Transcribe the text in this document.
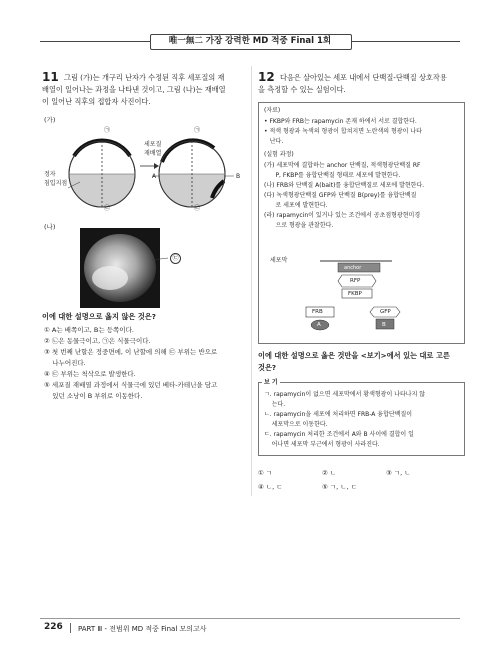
唯一無二 가장 강력한 MD 적중 Final 1회
11 그림 (가)는 개구리 난자가 수정된 직후 세포질의 재
배열이 일어나는 과정을 나타낸 것이고, 그림 (나)는 재배열
이 일어난 직후의 접합자 사진이다.
(가)
㉠
㉡
세포질
재배열
정자
침입지점
A	B
㉠
㉡
(나)
㉢
이에 대한 설명으로 옳지 않은 것은?
① A는 배쪽이고, B는 등쪽이다.
② ㉡은 동물극이고, ㉠은 식물극이다.
③ 첫 번째 난할은 정중면에, 이 난할에 의해 ㉢ 부위는 반으로
나누어진다.
④ ㉢ 부위는 척삭으로 발생한다.
⑤ 세포질 재배열 과정에서 식물극에 있던 베타-카테닌을 담고
있던 소낭이 B 부위로 이동한다.
12 다음은 살아있는 세포 내에서 단백질-단백질 상호작용
을 측정할 수 있는 실험이다.
(자료)
• FKBP와 FRB는 rapamycin 존재 하에서 서로 결합한다.
• 적색 형광과 녹색의 형광이 합쳐지면 노란색의 형광이 나타
난다.
(실험 과정)
(가) 세포막에 결합하는 anchor 단백질, 적색형광단백질 RF
P, FKBP를 융합단백질 형태로 세포에 발현한다.
(나) FRB와 단백질 A(bait)를 융합단백질로 세포에 발현한다.
(다) 녹색형광단백질 GFP와 단백질 B(prey)를 융합단백질
로 세포에 발현한다.
(라) rapamycin이 있거나 있는 조건에서 공초점형광현미경
으로 형광을 관찰한다.
세포막
anchor
RFP
FKBP
FRB
A
GFP
B
이에 대한 설명으로 옳은 것만을 <보기>에서 있는 대로 고른
것은?
보 기
ㄱ. rapamycin이 없으면 세포막에서 황색형광이 나타나지 않
는다.
ㄴ. rapamycin을 세포에 처리하면 FRB-A 융합단백질이
세포막으로 이동한다.
ㄷ. rapamycin 처리한 조건에서 A와 B 사이에 결합이 일
어나면 세포막 부근에서 형광이 사라진다.
① ㄱ	② ㄴ	③ ㄱ, ㄴ
④ ㄴ, ㄷ	⑤ ㄱ, ㄴ, ㄷ
226 PART Ⅲ - 전범위 MD 적중 Final 모의고사
